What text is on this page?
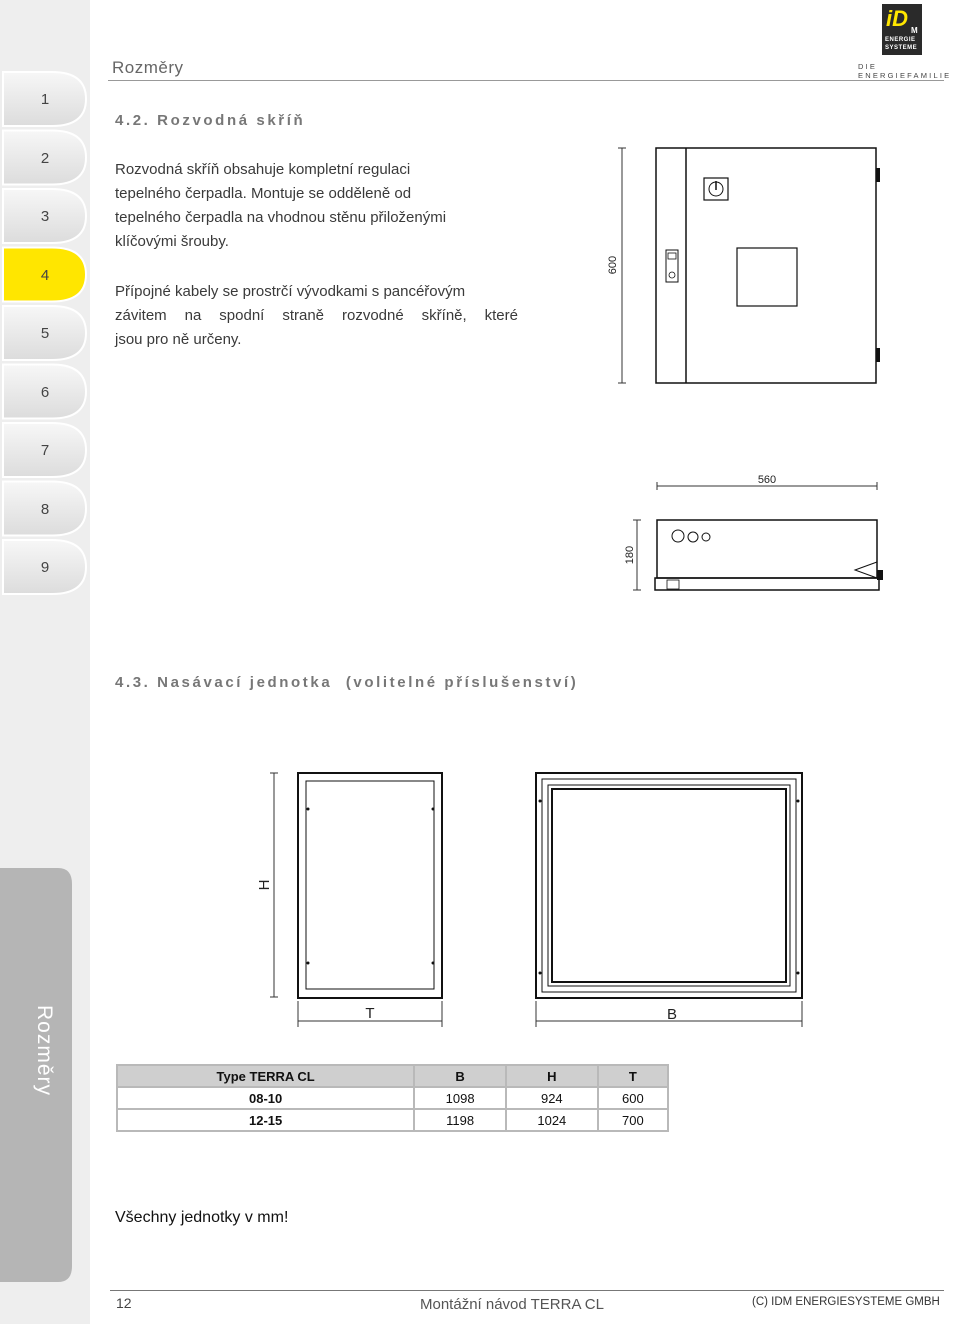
1
2
3
4
5
6
7
8
9
Rozměry
Rozměry	DIE ENERGIEFAMILIE
iD M
ENERGIE
SYSTEME
4.2. Rozvodná skříň
Rozvodná skříň obsahuje kompletní regulaci
tepelného čerpadla. Montuje se odděleně od
tepelného čerpadla na vhodnou stěnu přiloženými
klíčovými šrouby.
Přípojné kabely se prostrčí vývodkami s pancéřovým
závitem na spodní straně rozvodné skříně, které
jsou pro ně určeny.
600
560
180
4.3. Nasávací jednotka  (volitelné příslušenství)
H
T	B
Type TERRA CL	B	H	T
08-10	1098	924	600
12-15	1198	1024	700
Všechny jednotky v mm!
12	Montážní návod TERRA CL	(C) IDM ENERGIESYSTEME GMBH
